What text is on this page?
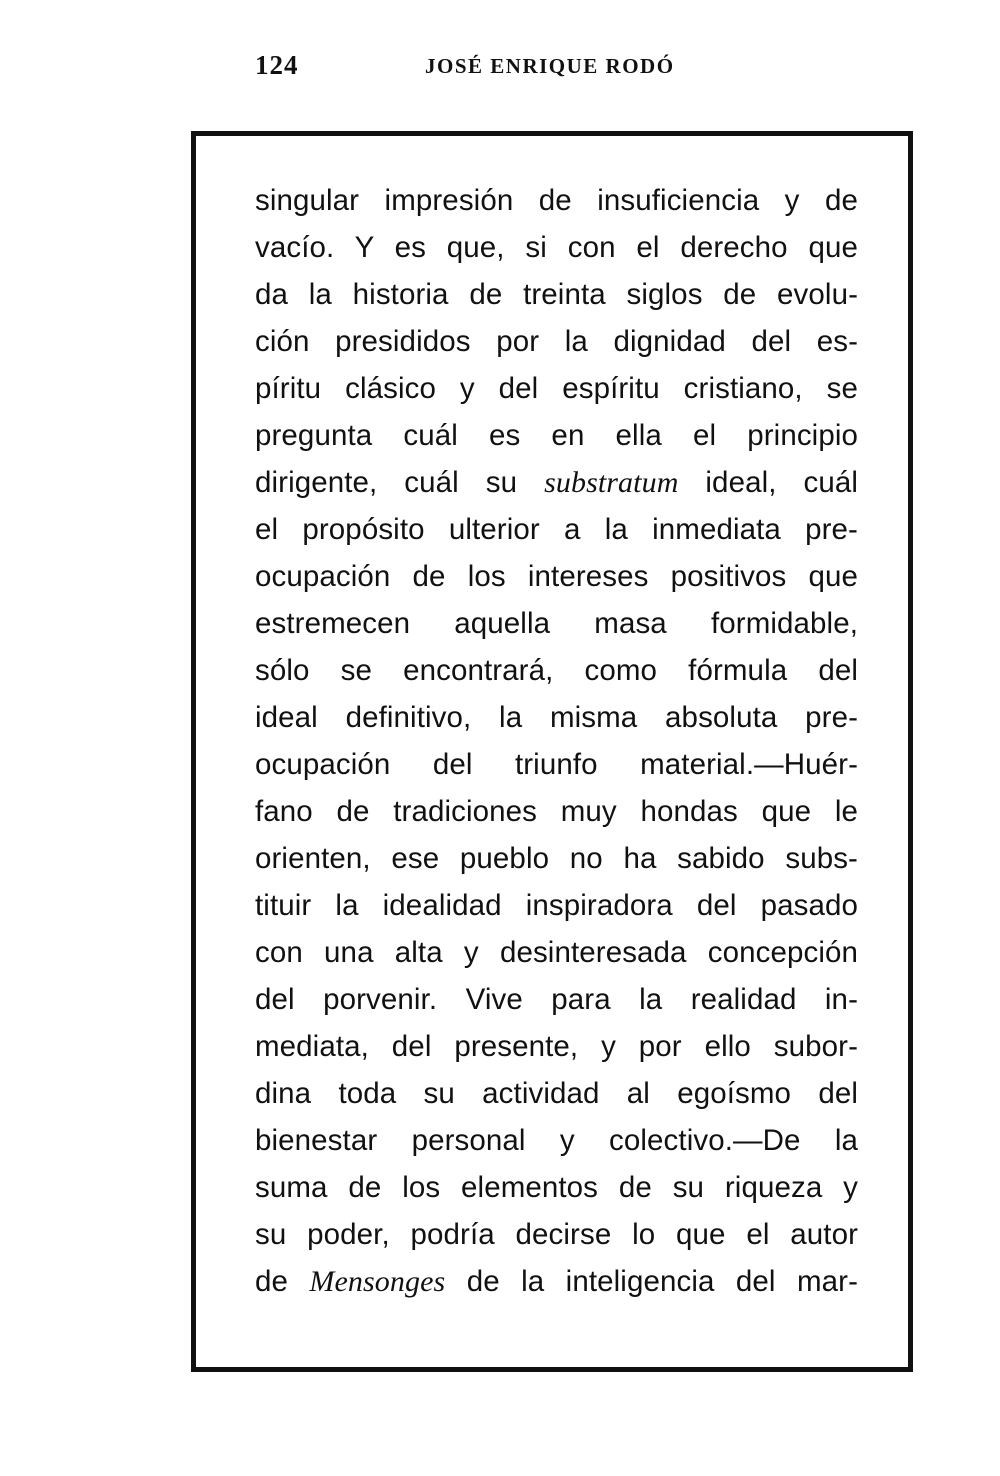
124	JOSÉ ENRIQUE RODÓ
singular impresión de insuficiencia y de
vacío. Y es que, si con el derecho que
da la historia de treinta siglos de evolu-
ción presididos por la dignidad del es-
píritu clásico y del espíritu cristiano, se
pregunta cuál es en ella el principio
dirigente, cuál su substratum ideal, cuál
el propósito ulterior a la inmediata pre-
ocupación de los intereses positivos que
estremecen aquella masa formidable,
sólo se encontrará, como fórmula del
ideal definitivo, la misma absoluta pre-
ocupación del triunfo material.—Huér-
fano de tradiciones muy hondas que le
orienten, ese pueblo no ha sabido subs-
tituir la idealidad inspiradora del pasado
con una alta y desinteresada concepción
del porvenir. Vive para la realidad in-
mediata, del presente, y por ello subor-
dina toda su actividad al egoísmo del
bienestar personal y colectivo.—De la
suma de los elementos de su riqueza y
su poder, podría decirse lo que el autor
de Mensonges de la inteligencia del mar-
